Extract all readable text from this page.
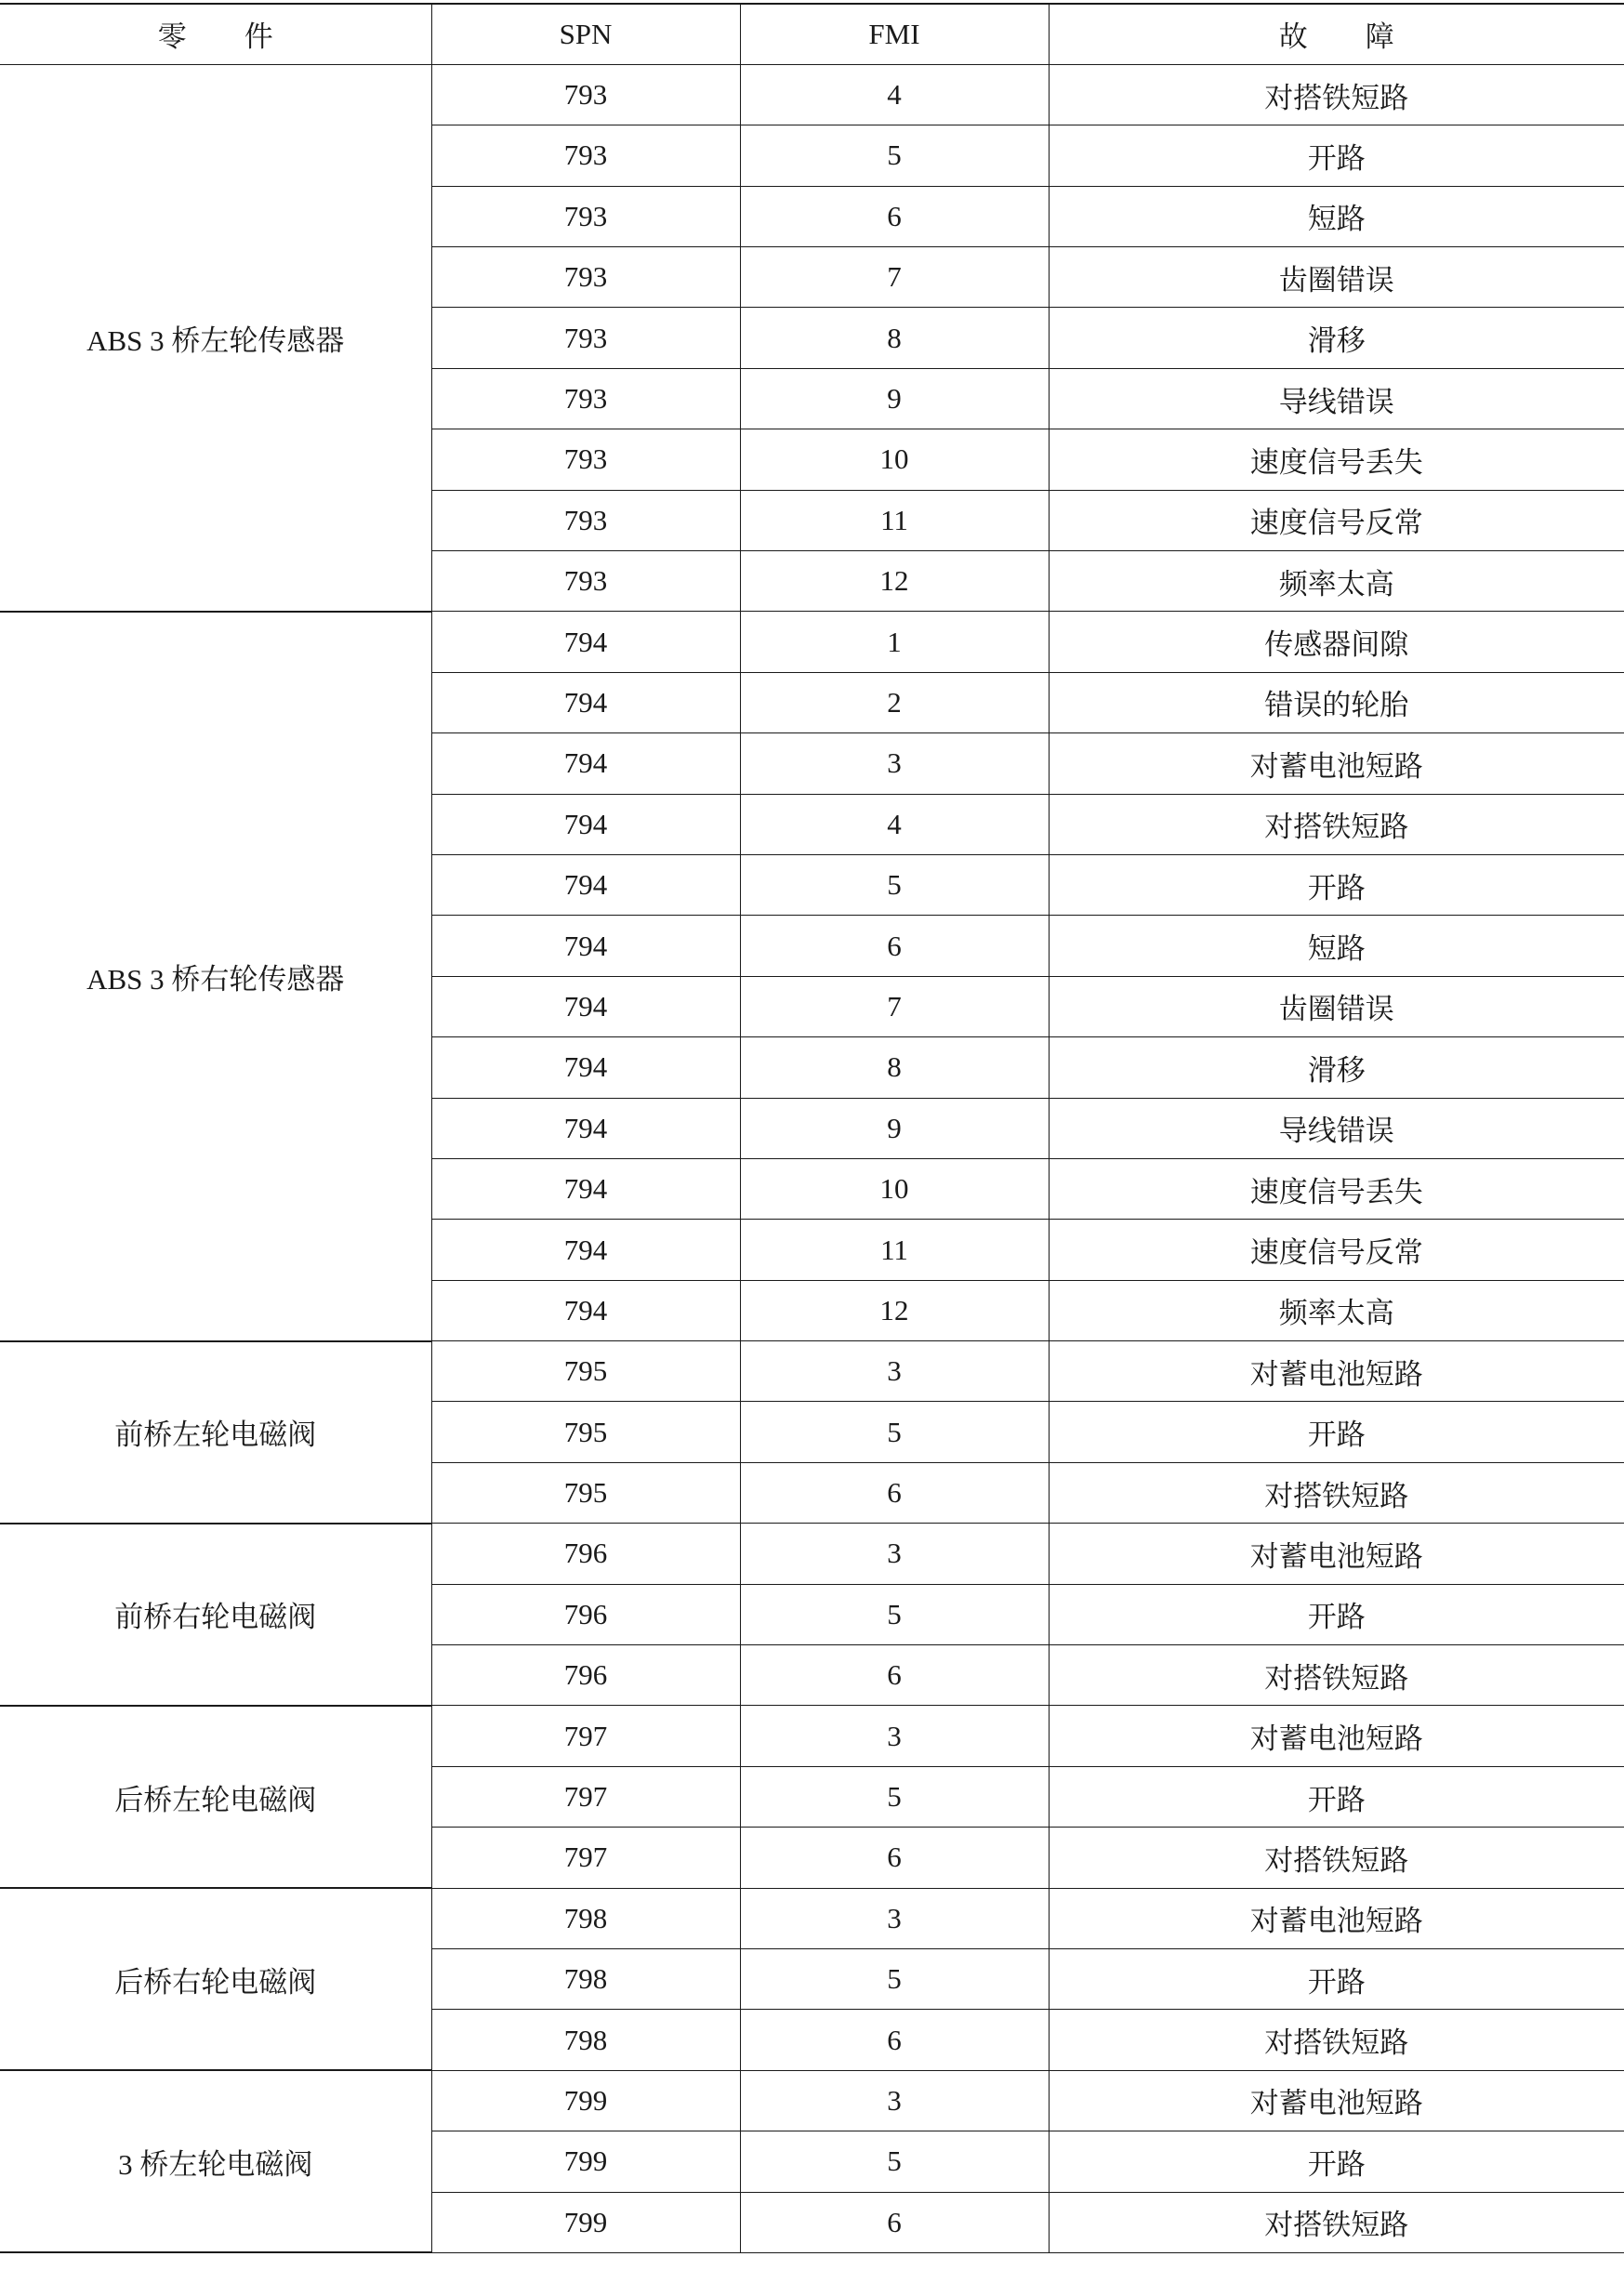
零　　件	SPN	FMI	故　　障
ABS 3 桥左轮传感器	793	4	对搭铁短路
	793	5	开路
	793	6	短路
	793	7	齿圈错误
	793	8	滑移
	793	9	导线错误
	793	10	速度信号丢失
	793	11	速度信号反常
	793	12	频率太高
ABS 3 桥右轮传感器	794	1	传感器间隙
	794	2	错误的轮胎
	794	3	对蓄电池短路
	794	4	对搭铁短路
	794	5	开路
	794	6	短路
	794	7	齿圈错误
	794	8	滑移
	794	9	导线错误
	794	10	速度信号丢失
	794	11	速度信号反常
	794	12	频率太高
前桥左轮电磁阀	795	3	对蓄电池短路
	795	5	开路
	795	6	对搭铁短路
前桥右轮电磁阀	796	3	对蓄电池短路
	796	5	开路
	796	6	对搭铁短路
后桥左轮电磁阀	797	3	对蓄电池短路
	797	5	开路
	797	6	对搭铁短路
后桥右轮电磁阀	798	3	对蓄电池短路
	798	5	开路
	798	6	对搭铁短路
3 桥左轮电磁阀	799	3	对蓄电池短路
	799	5	开路
	799	6	对搭铁短路
